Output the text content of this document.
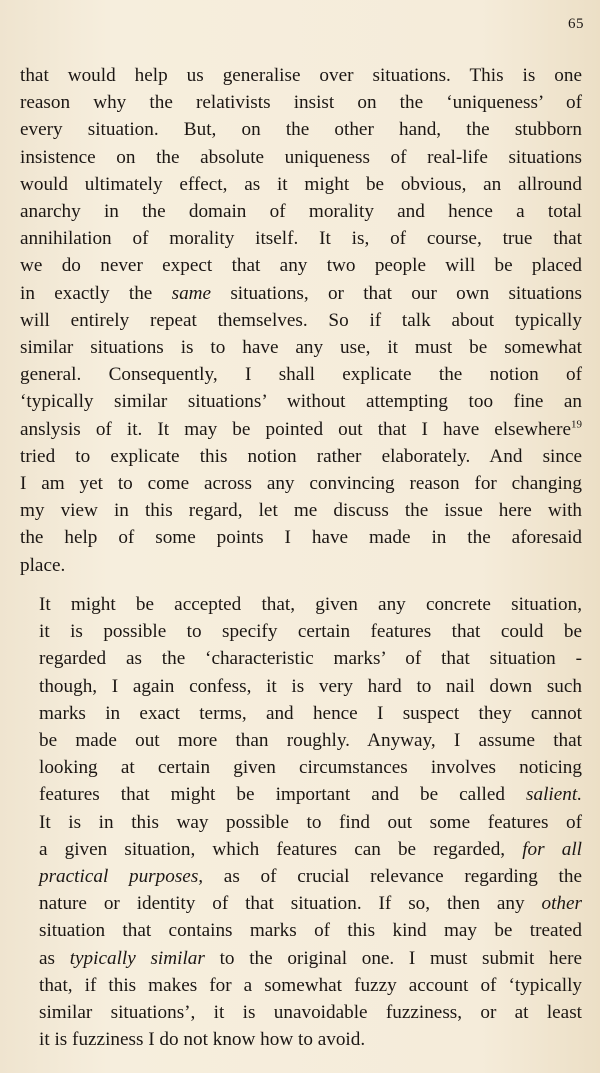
65
that would help us generalise over situations. This is one
reason why the relativists insist on the ‘uniqueness’ of
every situation. But, on the other hand, the stubborn
insistence on the absolute uniqueness of real-life situations
would ultimately effect, as it might be obvious, an allround
anarchy in the domain of morality and hence a total
annihilation of morality itself. It is, of course, true that
we do never expect that any two people will be placed
in exactly the same situations, or that our own situations
will entirely repeat themselves. So if talk about typically
similar situations is to have any use, it must be somewhat
general. Consequently, I shall explicate the notion of
‘typically similar situations’ without attempting too fine an
anslysis of it. It may be pointed out that I have elsewhere$^{19}$
tried to explicate this notion rather elaborately. And since
I am yet to come across any convincing reason for changing
my view in this regard, let me discuss the issue here with
the help of some points I have made in the aforesaid
place.
It might be accepted that, given any concrete situation,
it is possible to specify certain features that could be
regarded as the ‘characteristic marks’ of that situation -
though, I again confess, it is very hard to nail down such
marks in exact terms, and hence I suspect they cannot
be made out more than roughly. Anyway, I assume that
looking at certain given circumstances involves noticing
features that might be important and be called salient.
It is in this way possible to find out some features of
a given situation, which features can be regarded, for all
practical purposes, as of crucial relevance regarding the
nature or identity of that situation. If so, then any other
situation that contains marks of this kind may be treated
as typically similar to the original one. I must submit here
that, if this makes for a somewhat fuzzy account of ‘typically
similar situations’, it is unavoidable fuzziness, or at least
it is fuzziness I do not know how to avoid.
